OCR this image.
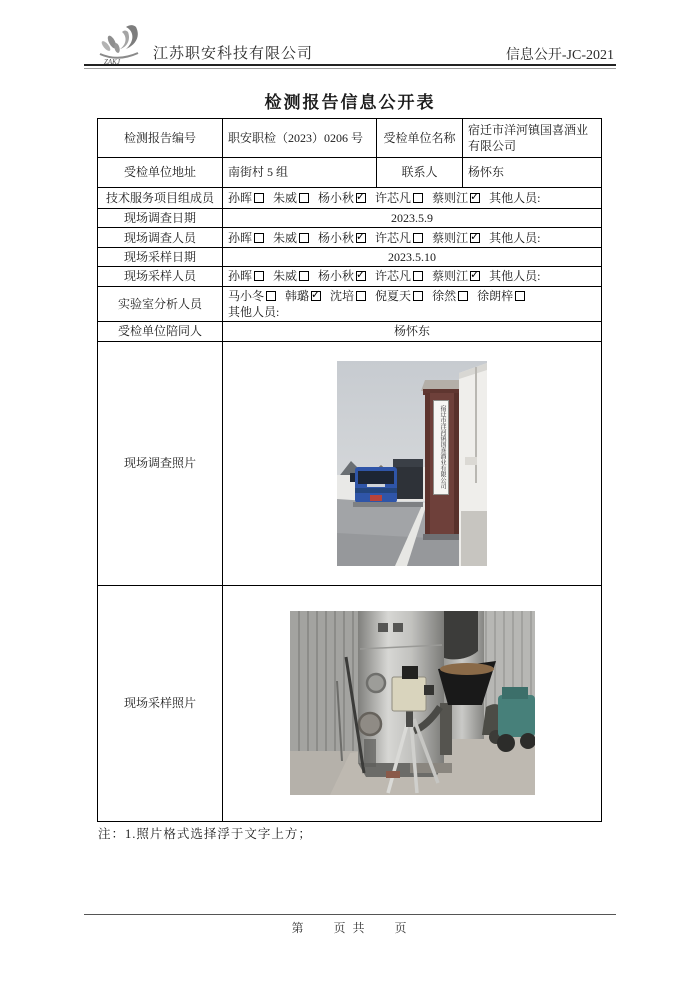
ZAKJ 江苏职安科技有限公司	信息公开-JC-2021
检测报告信息公开表
检测报告编号	职安职检（2023）0206 号	受检单位名称	宿迁市洋河镇国喜酒业有限公司
受检单位地址	南街村 5 组	联系人	杨怀东
技术服务项目组成员	孙晖 朱威 杨小秋 ✓ 许芯凡 蔡则江 ✓ 其他人员:
现场调查日期	2023.5.9		
现场调查人员	孙晖 朱威 杨小秋 ✓ 许芯凡 蔡则江 ✓ 其他人员:
现场采样日期	2023.5.10		
现场采样人员	孙晖 朱威 杨小秋 ✓ 许芯凡 蔡则江 ✓ 其他人员:
实验室分析人员	马小冬 韩璐 ✓ 沈培 倪夏天 徐然 徐朗梓
其他人员:

受检单位陪同人	杨怀东		
现场调查照片	宿迁市洋河镇国喜酒业有限公司		

现场采样照片	
注：1.照片格式选择浮于文字上方；
第　　页 共　　页
